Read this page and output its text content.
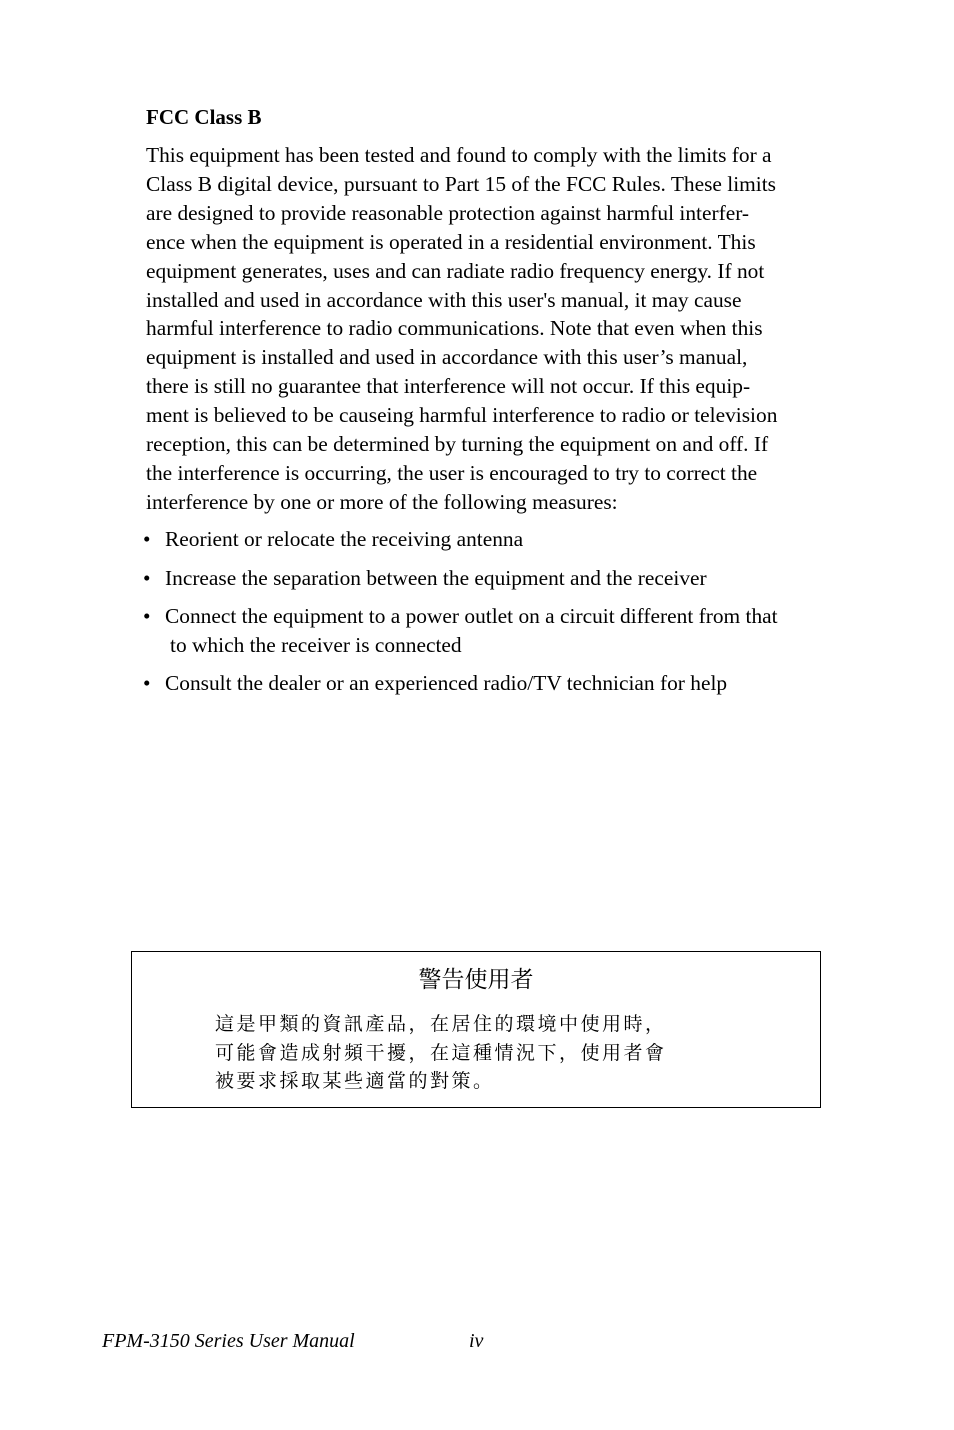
FCC Class B

This equipment has been tested and found to comply with the limits for a
Class B digital device, pursuant to Part 15 of the FCC Rules. These limits
are designed to provide reasonable protection against harmful interfer-
ence when the equipment is operated in a residential environment. This
equipment generates, uses and can radiate radio frequency energy. If not
installed and used in accordance with this user's manual, it may cause
harmful interference to radio communications. Note that even when this
equipment is installed and used in accordance with this user’s manual,
there is still no guarantee that interference will not occur. If this equip-
ment is believed to be causeing harmful interference to radio or television
reception, this can be determined by turning the equipment on and off. If
the interference is occurring, the user is encouraged to try to correct the
interference by one or more of the following measures:

• Reorient or relocate the receiving antenna
• Increase the separation between the equipment and the receiver
• Connect the equipment to a power outlet on a circuit different from that
to which the receiver is connected
• Consult the dealer or an experienced radio/TV technician for help
警告使用者
這是甲類的資訊產品，在居住的環境中使用時，
可能會造成射頻干擾，在這種情況下，使用者會
被要求採取某些適當的對策。
FPM-3150 Series User Manual	iv
